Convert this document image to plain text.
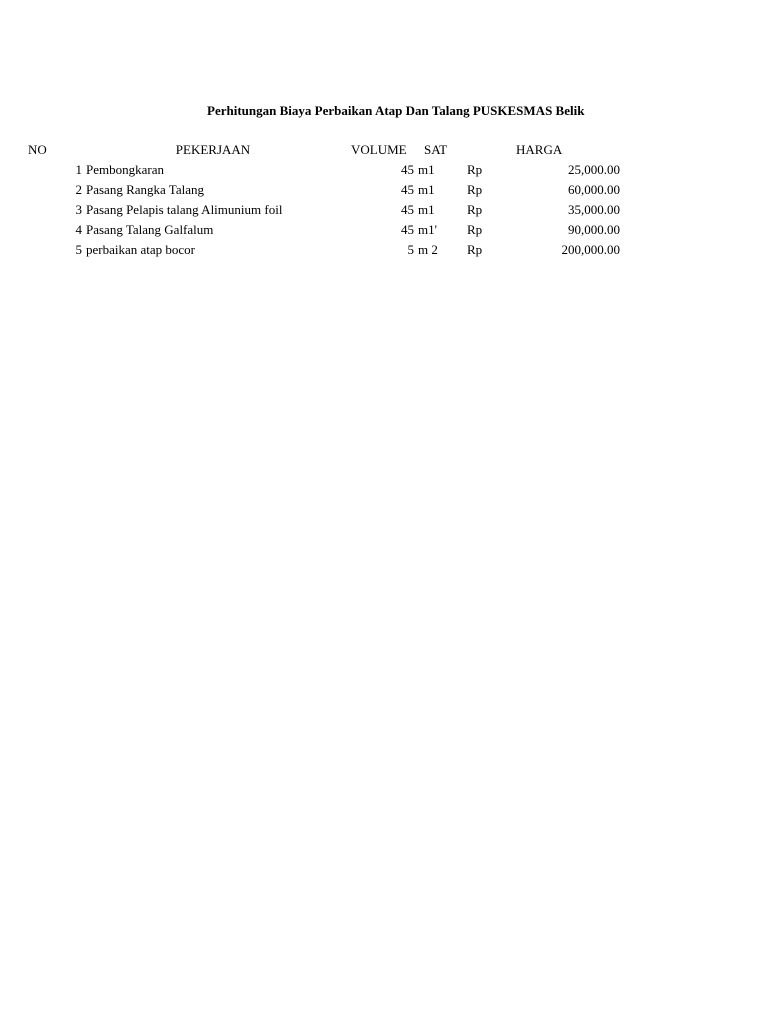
Perhitungan Biaya Perbaikan Atap Dan Talang PUSKESMAS Belik
NO	PEKERJAAN	VOLUME SAT	HARGA
1 Pembongkaran	45 m1	Rp	25,000.00
2 Pasang Rangka Talang	45 m1	Rp	60,000.00
3 Pasang Pelapis talang Alimunium foil	45 m1	Rp	35,000.00
4 Pasang Talang Galfalum	45 m1'	Rp	90,000.00
5 perbaikan atap bocor	5 m 2	Rp	200,000.00
